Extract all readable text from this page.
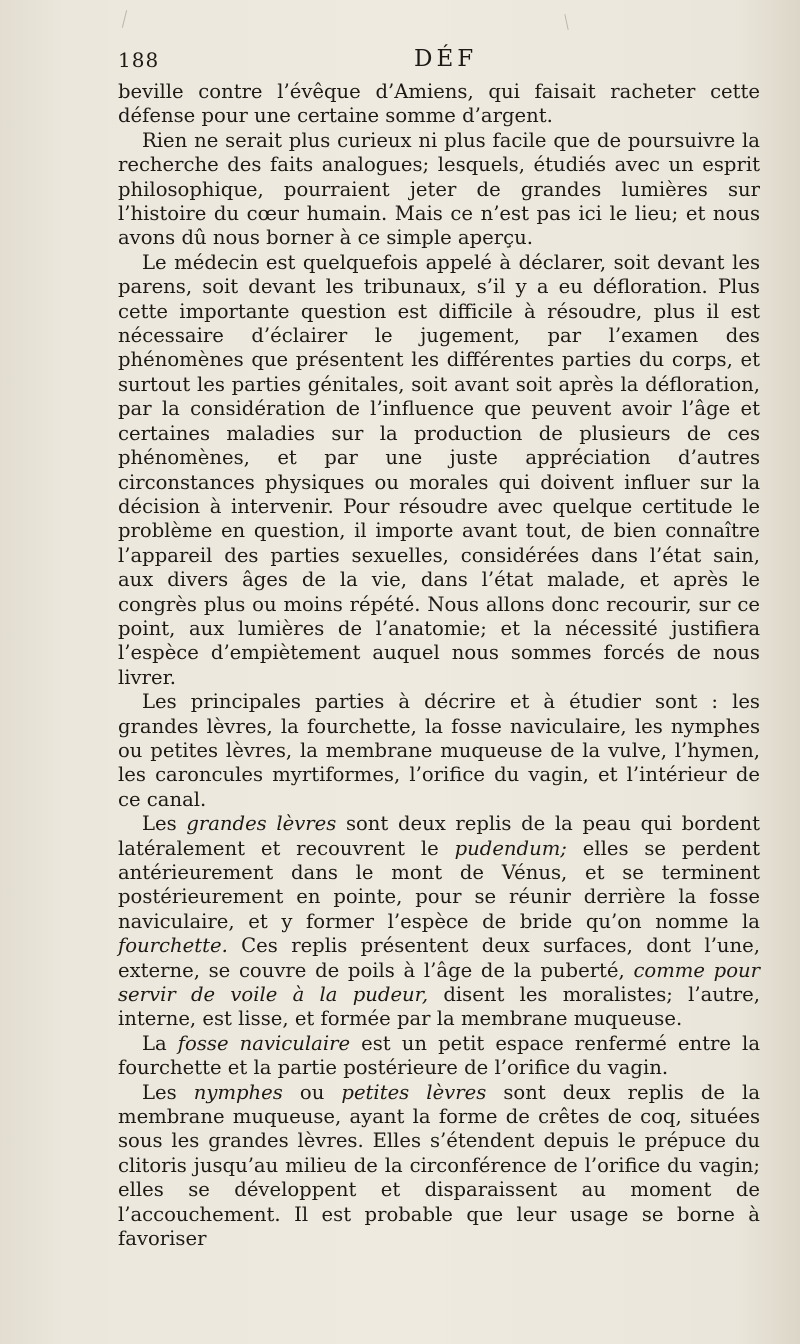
188	DÉF

beville contre l’évêque d’Amiens, qui faisait racheter cette défense pour une certaine somme d’argent.

Rien ne serait plus curieux ni plus facile que de poursuivre la recherche des faits analogues; lesquels, étudiés avec un esprit philosophique, pourraient jeter de grandes lumières sur l’histoire du cœur humain. Mais ce n’est pas ici le lieu; et nous avons dû nous borner à ce simple aperçu.

Le médecin est quelquefois appelé à déclarer, soit devant les parens, soit devant les tribunaux, s’il y a eu défloration. Plus cette importante question est difficile à résoudre, plus il est nécessaire d’éclairer le jugement, par l’examen des phénomènes que présentent les différentes parties du corps, et surtout les parties génitales, soit avant soit après la défloration, par la considération de l’influence que peuvent avoir l’âge et certaines maladies sur la production de plusieurs de ces phénomènes, et par une juste appréciation d’autres circonstances physiques ou morales qui doivent influer sur la décision à intervenir. Pour résoudre avec quelque certitude le problème en question, il importe avant tout, de bien connaître l’appareil des parties sexuelles, considérées dans l’état sain, aux divers âges de la vie, dans l’état malade, et après le congrès plus ou moins répété. Nous allons donc recourir, sur ce point, aux lumières de l’anatomie; et la nécessité justifiera l’espèce d’empiètement auquel nous sommes forcés de nous livrer.

Les principales parties à décrire et à étudier sont : les grandes lèvres, la fourchette, la fosse naviculaire, les nymphes ou petites lèvres, la membrane muqueuse de la vulve, l’hymen, les caroncules myrtiformes, l’orifice du vagin, et l’intérieur de ce canal.

Les grandes lèvres sont deux replis de la peau qui bordent latéralement et recouvrent le pudendum; elles se perdent antérieurement dans le mont de Vénus, et se terminent postérieurement en pointe, pour se réunir derrière la fosse naviculaire, et y former l’espèce de bride qu’on nomme la fourchette. Ces replis présentent deux surfaces, dont l’une, externe, se couvre de poils à l’âge de la puberté, comme pour servir de voile à la pudeur, disent les moralistes; l’autre, interne, est lisse, et formée par la membrane muqueuse.

La fosse naviculaire est un petit espace renfermé entre la fourchette et la partie postérieure de l’orifice du vagin.

Les nymphes ou petites lèvres sont deux replis de la membrane muqueuse, ayant la forme de crêtes de coq, situées sous les grandes lèvres. Elles s’étendent depuis le prépuce du clitoris jusqu’au milieu de la circonférence de l’orifice du vagin; elles se développent et disparaissent au moment de l’accouchement. Il est probable que leur usage se borne à favoriser
